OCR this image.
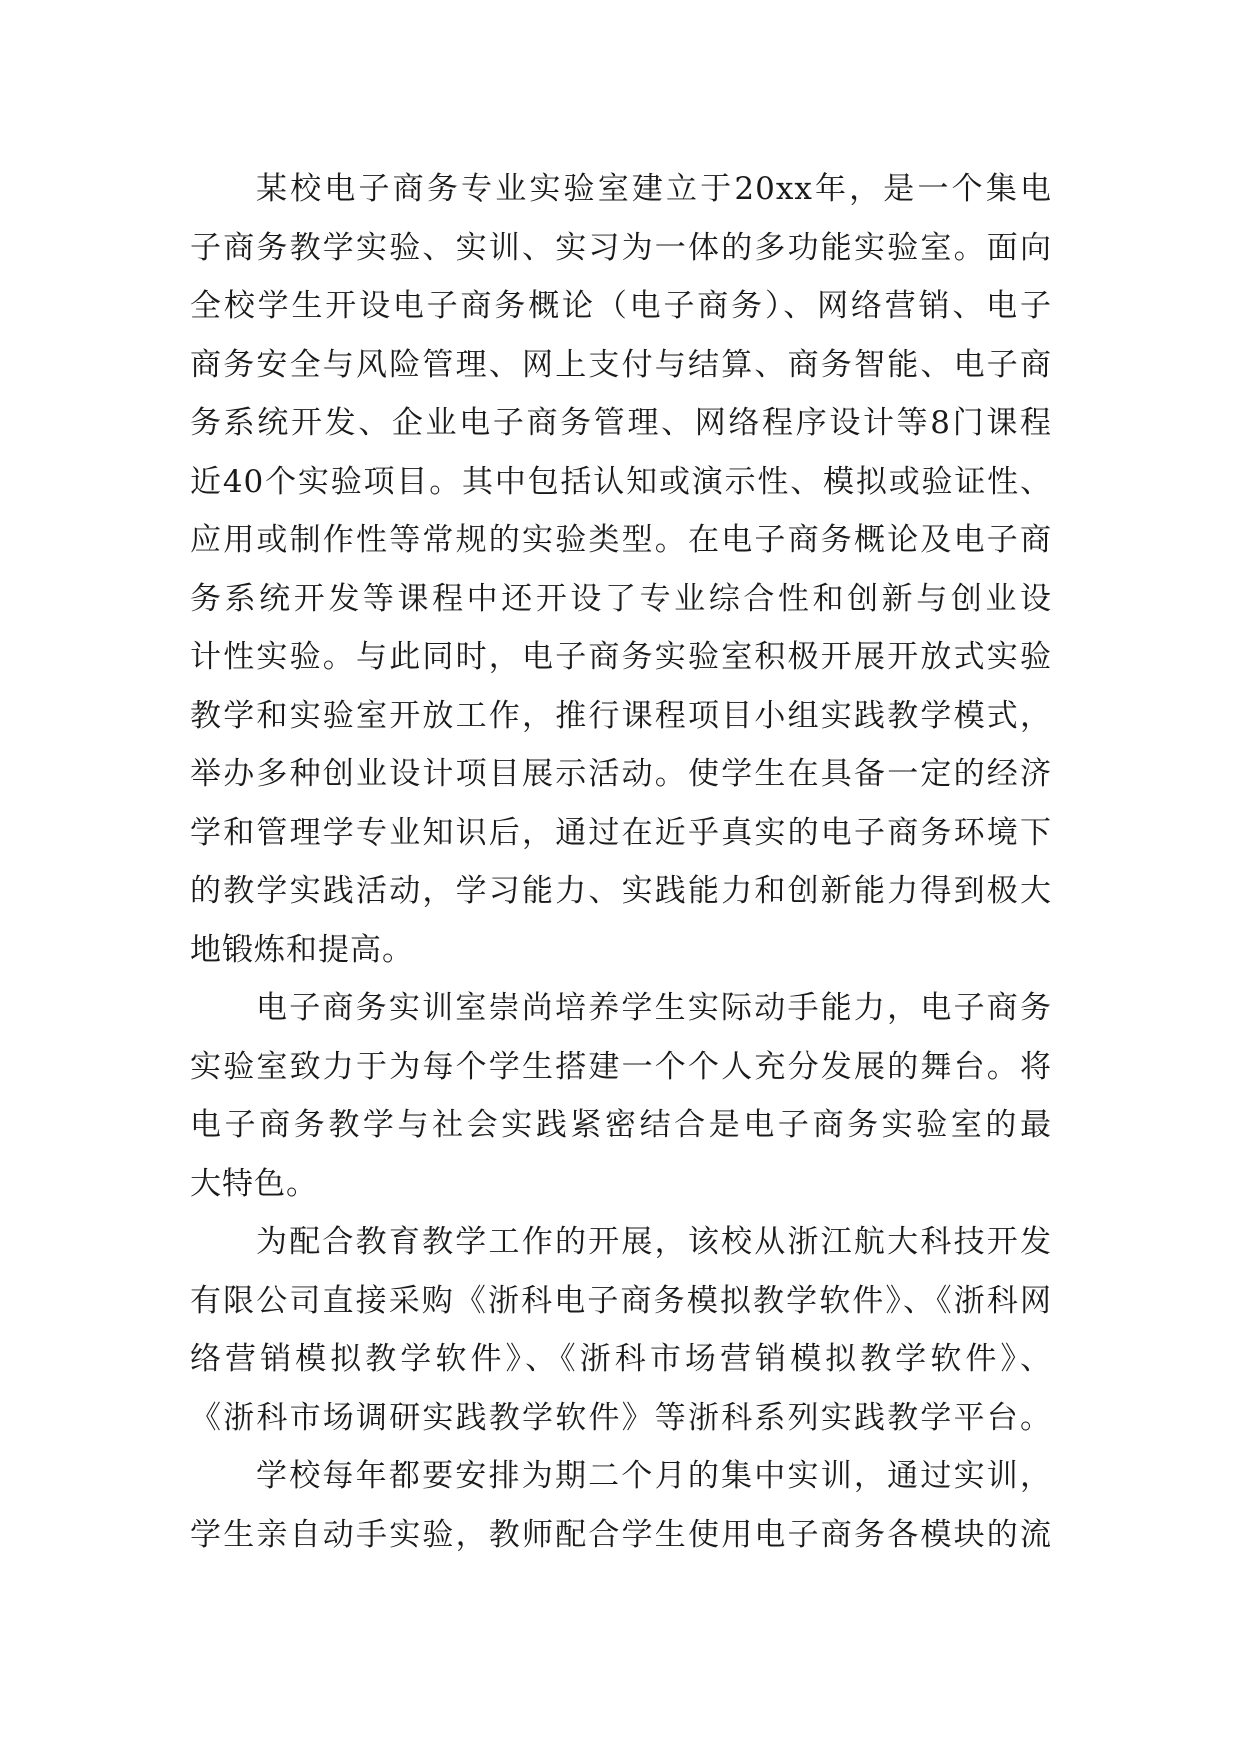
某校电子商务专业实验室建立于20xx年，是一个集电
子商务教学实验、实训、实习为一体的多功能实验室。面向
全校学生开设电子商务概论（电子商务）、网络营销、电子
商务安全与风险管理、网上支付与结算、商务智能、电子商
务系统开发、企业电子商务管理、网络程序设计等8门课程
近40个实验项目。其中包括认知或演示性、模拟或验证性、
应用或制作性等常规的实验类型。在电子商务概论及电子商
务系统开发等课程中还开设了专业综合性和创新与创业设
计性实验。与此同时，电子商务实验室积极开展开放式实验
教学和实验室开放工作，推行课程项目小组实践教学模式，
举办多种创业设计项目展示活动。使学生在具备一定的经济
学和管理学专业知识后，通过在近乎真实的电子商务环境下
的教学实践活动，学习能力、实践能力和创新能力得到极大
地锻炼和提高。
电子商务实训室崇尚培养学生实际动手能力，电子商务
实验室致力于为每个学生搭建一个个人充分发展的舞台。将
电子商务教学与社会实践紧密结合是电子商务实验室的最
大特色。
为配合教育教学工作的开展，该校从浙江航大科技开发
有限公司直接采购《浙科电子商务模拟教学软件》、《浙科网
络营销模拟教学软件》、《浙科市场营销模拟教学软件》、
《浙科市场调研实践教学软件》等浙科系列实践教学平台。
学校每年都要安排为期二个月的集中实训，通过实训，
学生亲自动手实验，教师配合学生使用电子商务各模块的流
